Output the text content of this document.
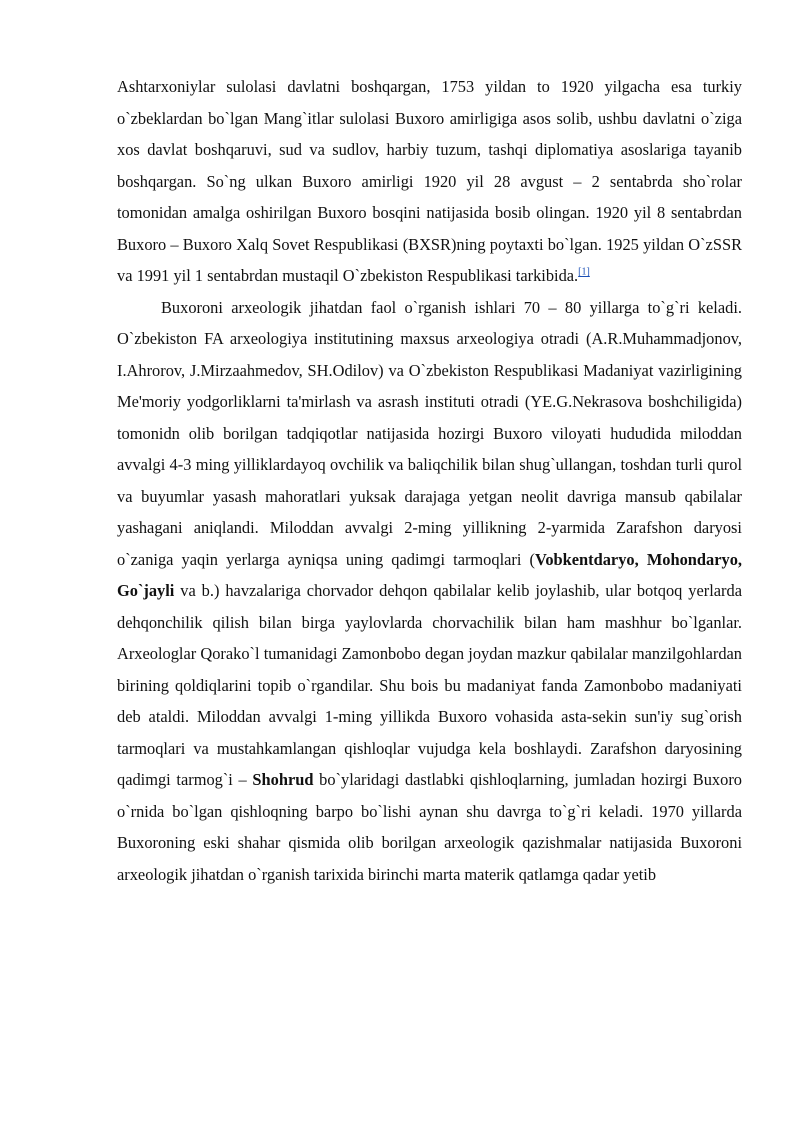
Ashtarxoniylar sulolasi davlatni boshqargan, 1753 yildan to 1920 yilgacha esa turkiy o`zbeklardan bo`lgan Mang`itlar sulolasi Buxoro amirligiga asos solib, ushbu davlatni o`ziga xos davlat boshqaruvi, sud va sudlov, harbiy tuzum, tashqi diplomatiya asoslariga tayanib boshqargan. So`ng ulkan Buxoro amirligi 1920 yil 28 avgust – 2 sentabrda sho`rolar tomonidan amalga oshirilgan Buxoro bosqini natijasida bosib olingan. 1920 yil 8 sentabrdan Buxoro – Buxoro Xalq Sovet Respublikasi (BXSR)ning poytaxti bo`lgan. 1925 yildan O`zSSR va 1991 yil 1 sentabrdan mustaqil O`zbekiston Respublikasi tarkibida.[1]

Buxoroni arxeologik jihatdan faol o`rganish ishlari 70 – 80 yillarga to`g`ri keladi. O`zbekiston FA arxeologiya institutining maxsus arxeologiya otradi (A.R.Muhammadjonov, I.Ahrorov, J.Mirzaahmedov, SH.Odilov) va O`zbekiston Respublikasi Madaniyat vazirligining Me'moriy yodgorliklarni ta'mirlash va asrash instituti otradi (YE.G.Nekrasova boshchiligida) tomonidn olib borilgan tadqiqotlar natijasida hozirgi Buxoro viloyati hududida miloddan avvalgi 4-3 ming yilliklardayoq ovchilik va baliqchilik bilan shug`ullangan, toshdan turli qurol va buyumlar yasash mahoratlari yuksak darajaga yetgan neolit davriga mansub qabilalar yashagani aniqlandi. Miloddan avvalgi 2-ming yillikning 2-yarmida Zarafshon daryosi o`zaniga yaqin yerlarga ayniqsa uning qadimgi tarmoqlari (Vobkentdaryo, Mohondaryo, Go`jayli va b.) havzalariga chorvador dehqon qabilalar kelib joylashib, ular botqoq yerlarda dehqonchilik qilish bilan birga yaylovlarda chorvachilik bilan ham mashhur bo`lganlar. Arxeologlar Qorako`l tumanidagi Zamonbobo degan joydan mazkur qabilalar manzilgohlardan birining qoldiqlarini topib o`rgandilar. Shu bois bu madaniyat fanda Zamonbobo madaniyati deb ataldi. Miloddan avvalgi 1-ming yillikda Buxoro vohasida asta-sekin sun'iy sug`orish tarmoqlari va mustahkamlangan qishloqlar vujudga kela boshlaydi. Zarafshon daryosining qadimgi tarmog`i – Shohrud bo`ylaridagi dastlabki qishloqlarning, jumladan hozirgi Buxoro o`rnida bo`lgan qishloqning barpo bo`lishi aynan shu davrga to`g`ri keladi. 1970 yillarda Buxoroning eski shahar qismida olib borilgan arxeologik qazishmalar natijasida Buxoroni arxeologik jihatdan o`rganish tarixida birinchi marta materik qatlamga qadar yetib
